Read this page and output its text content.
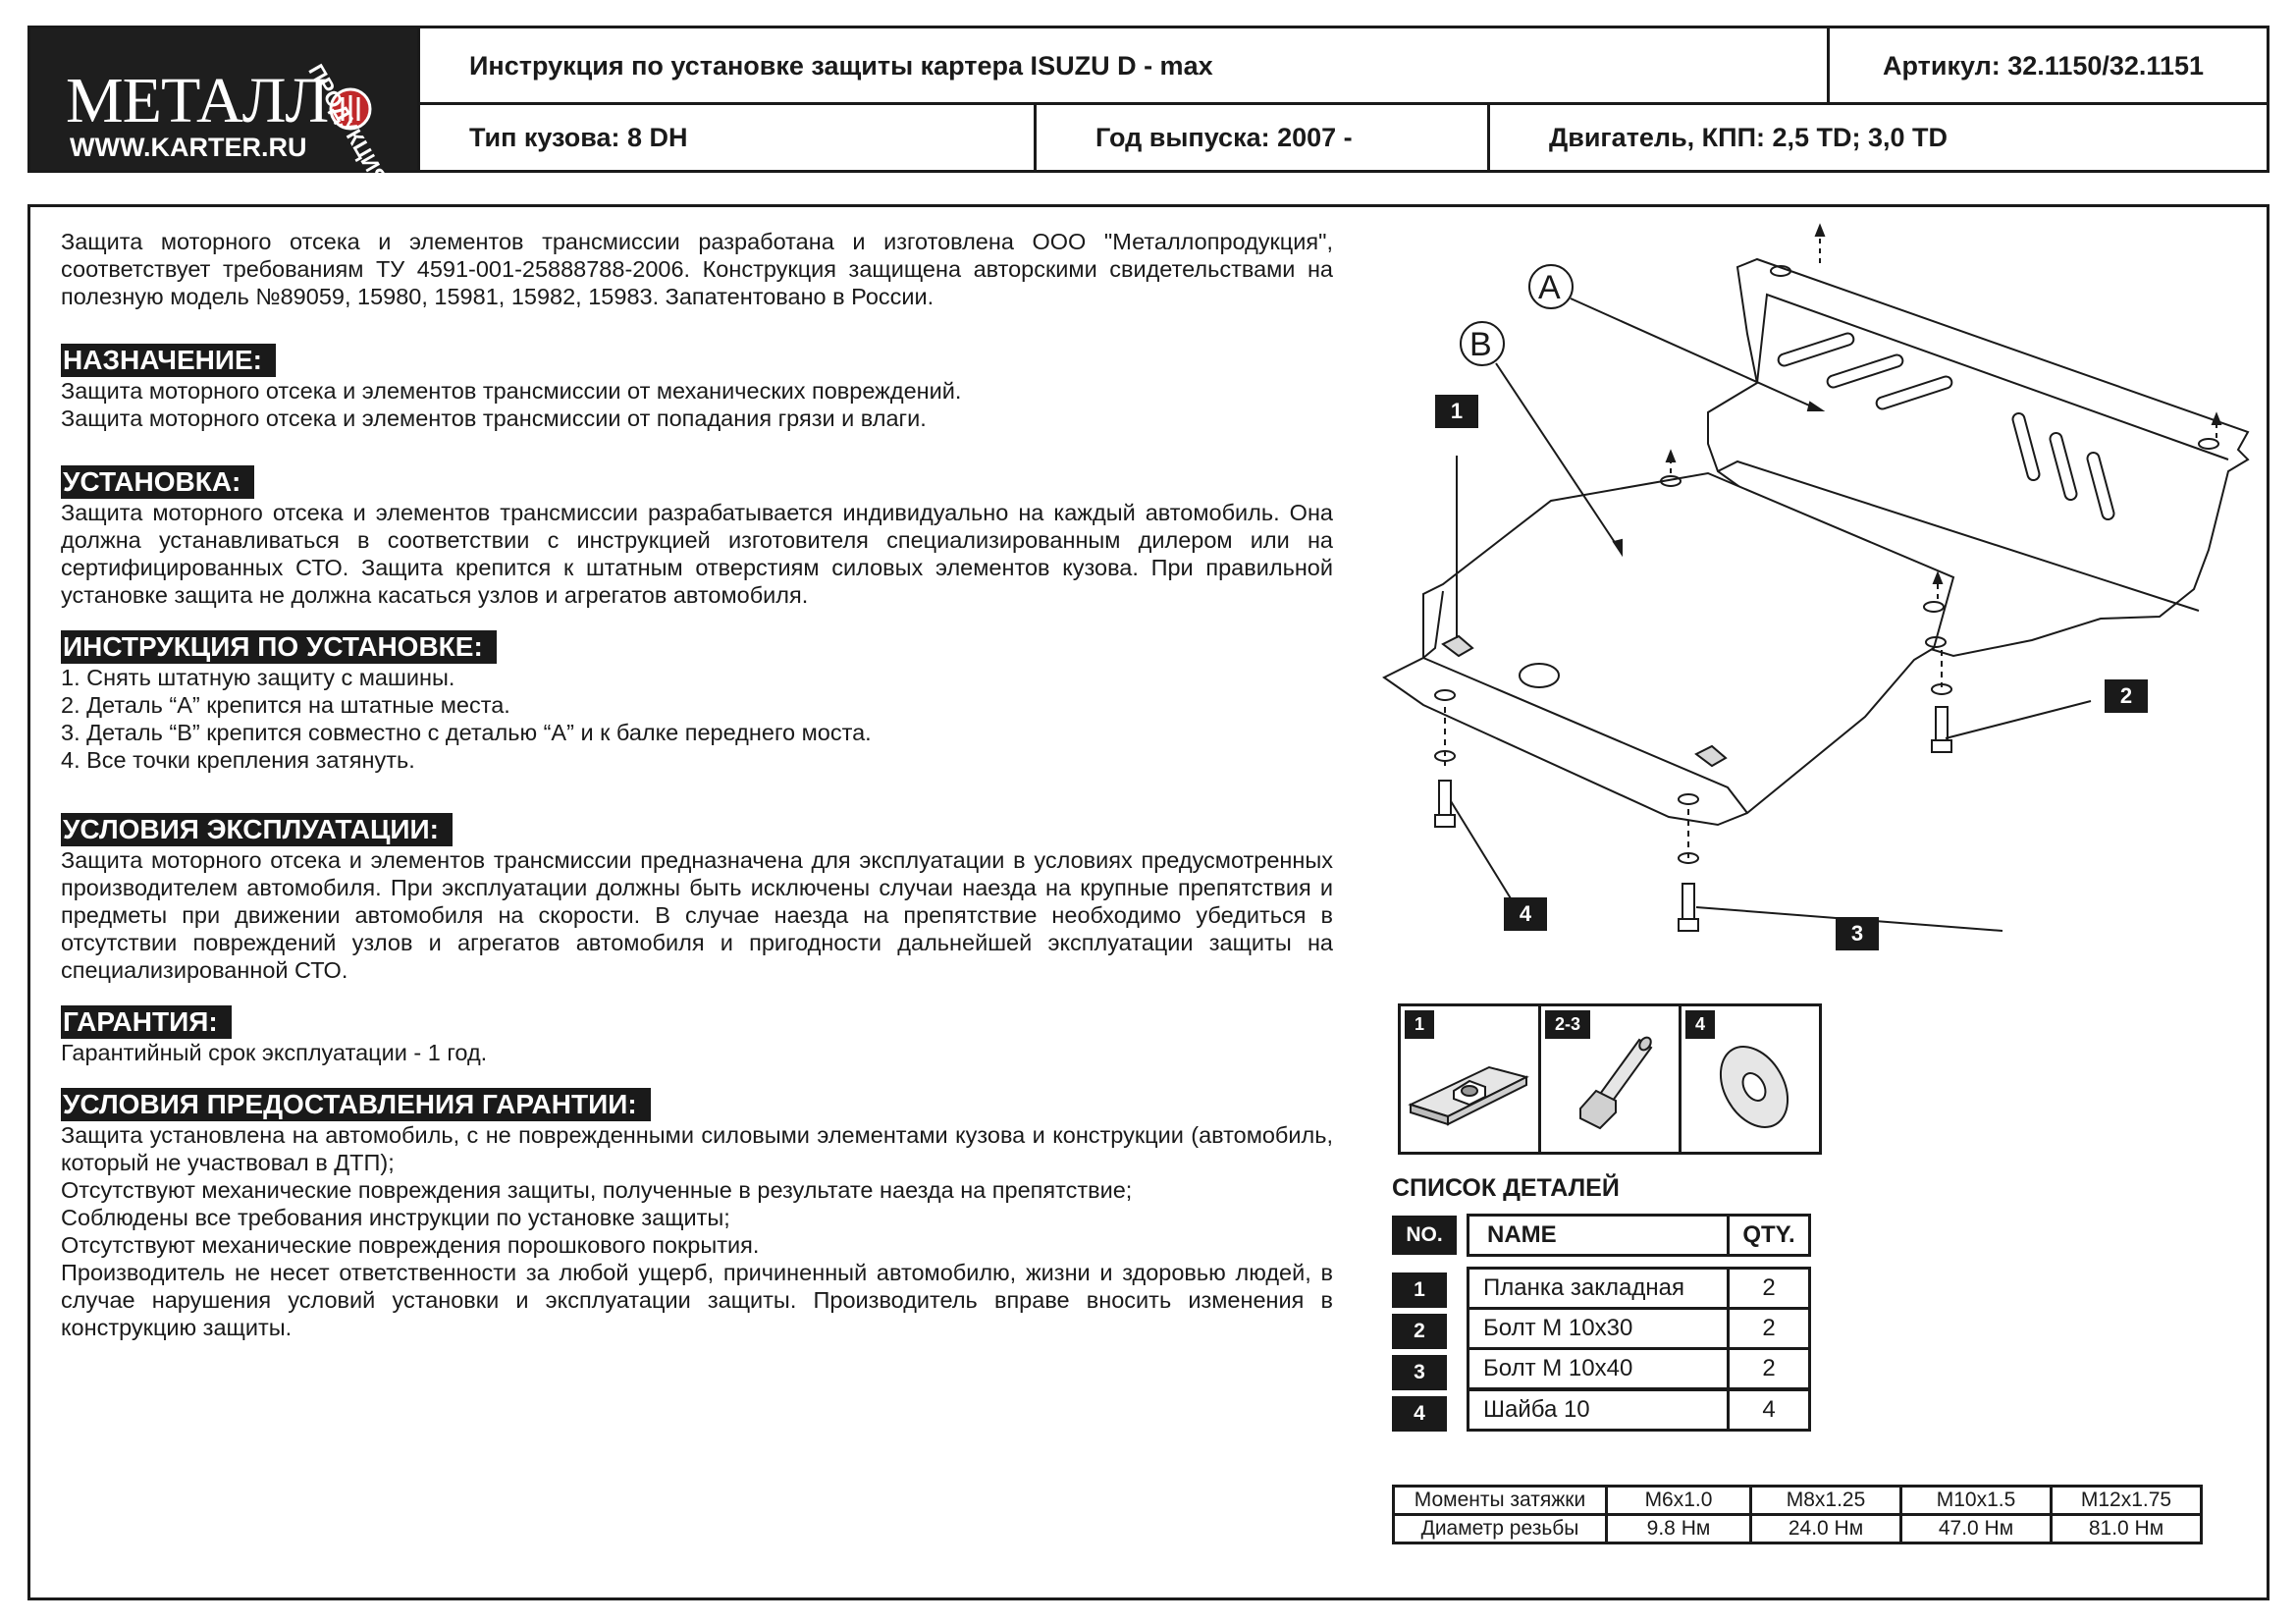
МЕТАЛЛ
ПРОДУКЦИЯ
WWW.KARTER.RU
Инструкция по установке защиты картера ISUZU D - max	Артикул: 32.1150/32.1151
Тип кузова: 8 DH	Год выпуска: 2007 -	Двигатель, КПП: 2,5 TD; 3,0 TD

Защита моторного отсека и элементов трансмиссии разработана и изготовлена ООО "Металлопродукция", соответствует требованиям ТУ 4591-001-25888788-2006. Конструкция защищена авторскими свидетельствами на полезную модель №89059, 15980, 15981, 15982, 15983. Запатентовано в России.

НАЗНАЧЕНИЕ:
Защита моторного отсека и элементов трансмиссии от механических повреждений.
Защита моторного отсека и элементов трансмиссии от попадания грязи и влаги.
УСТАНОВКА:

Защита моторного отсека и элементов трансмиссии разрабатывается индивидуально на каждый автомобиль. Она должна устанавливаться в соответствии с инструкцией изготовителя специализированным дилером или на сертифицированных СТО. Защита крепится к штатным отверстиям силовых элементов кузова. При правильной установке защита не должна касаться узлов и агрегатов автомобиля.

ИНСТРУКЦИЯ ПО УСТАНОВКЕ:
1. Снять штатную защиту с машины.
2. Деталь “А” крепится на штатные места.
3. Деталь “В” крепится совместно с деталью “А” и к балке переднего моста.
4. Все точки крепления затянуть.
УСЛОВИЯ ЭКСПЛУАТАЦИИ:

Защита моторного отсека и элементов трансмиссии предназначена для эксплуатации в условиях предусмотренных производителем автомобиля. При эксплуатации должны быть исключены случаи наезда на крупные препятствия и предметы при движении автомобиля на скорости. В случае наезда на препятствие необходимо убедиться в отсутствии повреждений узлов и агрегатов автомобиля и пригодности дальнейшей эксплуатации защиты на специализированной СТО.

ГАРАНТИЯ:
Гарантийный срок эксплуатации - 1 год.
УСЛОВИЯ ПРЕДОСТАВЛЕНИЯ ГАРАНТИИ:

Защита установлена на автомобиль, с не поврежденными силовыми элементами кузова и конструкции (автомобиль, который не участвовал в ДТП);

Отсутствуют механические повреждения защиты, полученные в результате наезда на препятствие;
Соблюдены все требования инструкции по установке защиты;
Отсутствуют механические повреждения порошкового покрытия.

Производитель не несет ответственности за любой ущерб, причиненный автомобилю, жизни и здоровью людей, в случае нарушения условий установки и эксплуатации защиты. Производитель вправе вносить изменения в конструкцию защиты.

A
B
1
2
3
4
1	2-3	4
СПИСОК ДЕТАЛЕЙ
NO.	NAME	QTY.
1	Планка закладная	2
2	Болт М 10x30	2
3	Болт М 10x40	2
4	Шайба 10	4
Моменты затяжки	M6x1.0	M8x1.25	M10x1.5	M12x1.75
Диаметр резьбы	9.8 Нм	24.0 Нм	47.0 Нм	81.0 Нм
